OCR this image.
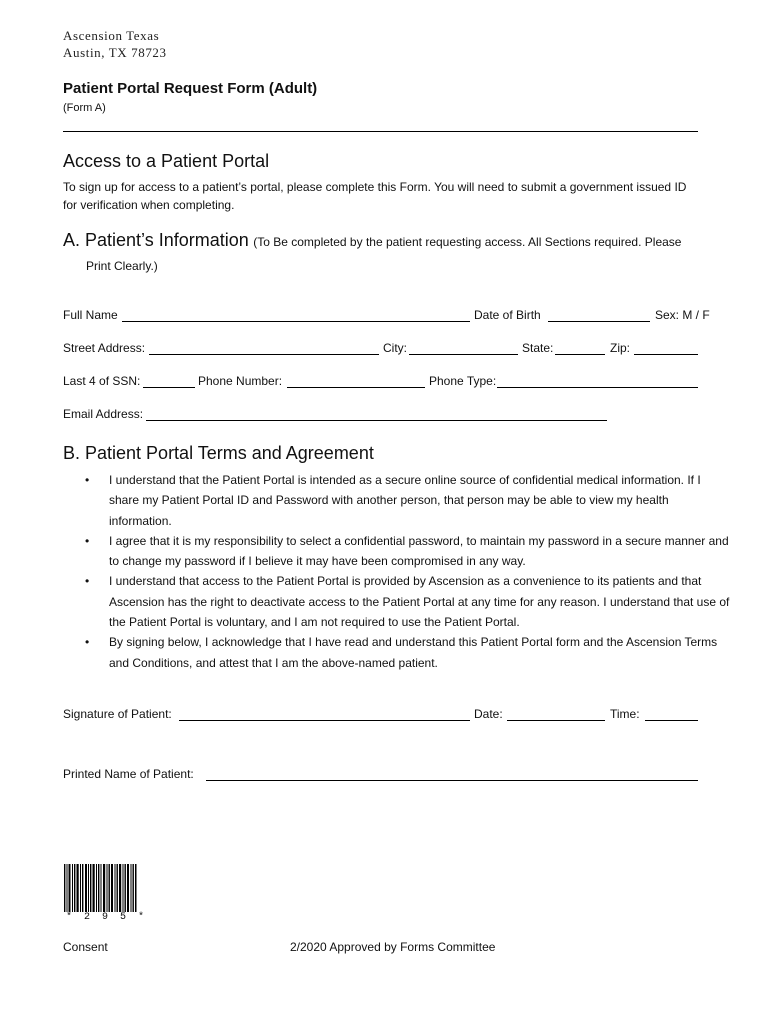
Ascension Texas
Austin, TX 78723
Patient Portal Request Form (Adult)
(Form A)
Access to a Patient Portal
To sign up for access to a patient’s portal, please complete this Form. You will need to submit a government issued ID
for verification when completing.
A. Patient’s Information (To Be completed by the patient requesting access. All Sections required. Please
Print Clearly.)
Full Name	Date of Birth	Sex: M / F
Street Address:	City:	State:	Zip:
Last 4 of SSN:	Phone Number:	Phone Type:
Email Address:
B. Patient Portal Terms and Agreement
• I understand that the Patient Portal is intended as a secure online source of confidential medical information. If I share my Patient Portal ID and Password with another person, that person may be able to view my health information.
• I agree that it is my responsibility to select a confidential password, to maintain my password in a secure manner and to change my password if I believe it may have been compromised in any way.
• I understand that access to the Patient Portal is provided by Ascension as a convenience to its patients and that Ascension has the right to deactivate access to the Patient Portal at any time for any reason. I understand that use of the Patient Portal is voluntary, and I am not required to use the Patient Portal.
• By signing below, I acknowledge that I have read and understand this Patient Portal form and the Ascension Terms and Conditions, and attest that I am the above-named patient.
Signature of Patient:	Date:	Time:
Printed Name of Patient:
* 2 9 5 *
Consent	2/2020 Approved by Forms Committee
